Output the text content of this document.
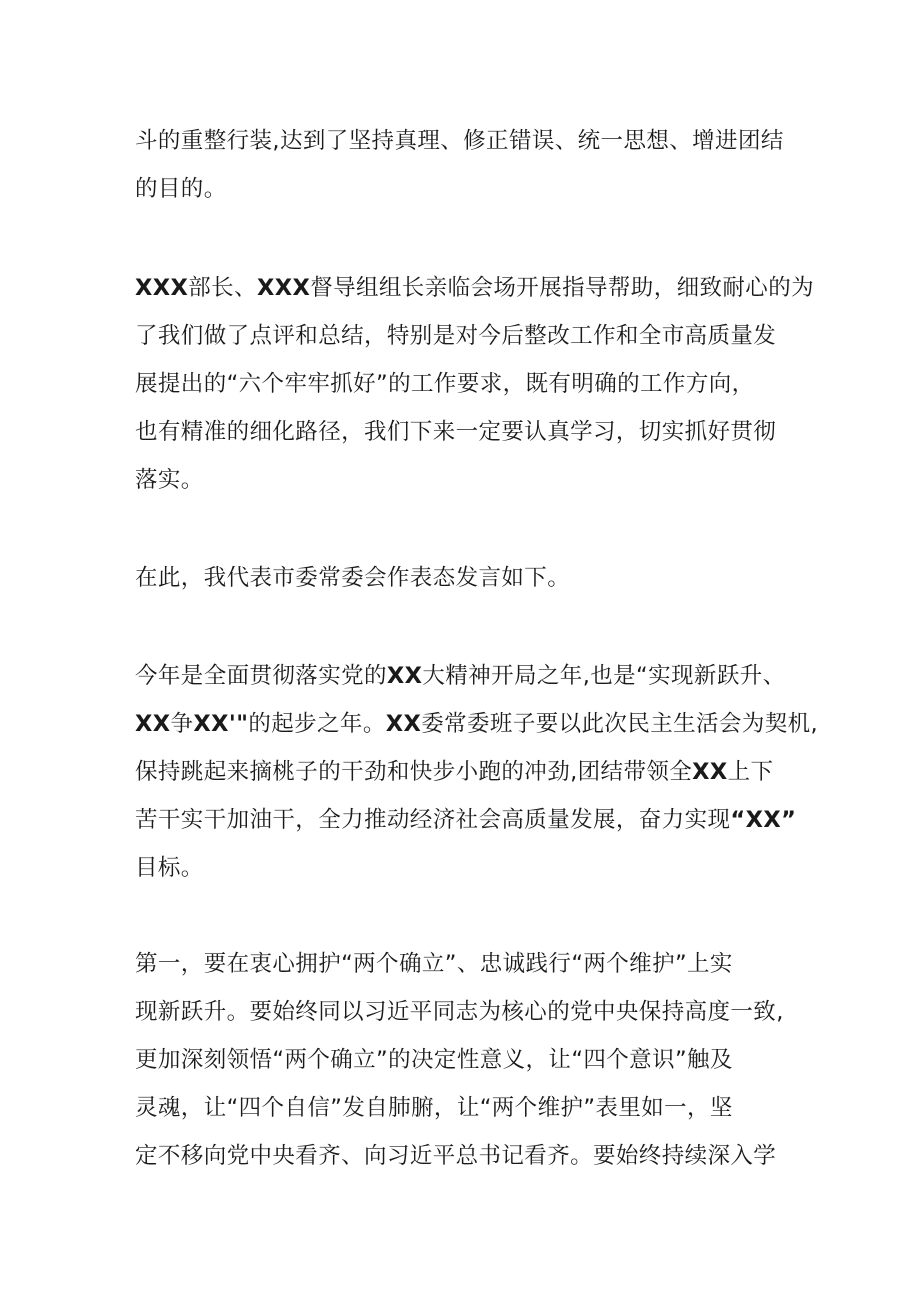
斗的重整行装,达到了坚持真理、修正错误、统一思想、增进团结
的目的。
XXX部长、XXX督导组组长亲临会场开展指导帮助，细致耐心的为
了我们做了点评和总结，特别是对今后整改工作和全市高质量发
展提出的“六个牢牢抓好”的工作要求，既有明确的工作方向，
也有精准的细化路径，我们下来一定要认真学习，切实抓好贯彻
落实。
在此，我代表市委常委会作表态发言如下。
今年是全面贯彻落实党的XX大精神开局之年,也是“实现新跃升、
XX争XX'"的起步之年。XX委常委班子要以此次民主生活会为契机,
保持跳起来摘桃子的干劲和快步小跑的冲劲,团结带领全XX上下
苦干实干加油干，全力推动经济社会高质量发展，奋力实现“XX”
目标。
第一，要在衷心拥护“两个确立”、忠诚践行“两个维护”上实
现新跃升。要始终同以习近平同志为核心的党中央保持高度一致,
更加深刻领悟“两个确立”的决定性意义，让“四个意识”触及
灵魂，让“四个自信”发自肺腑，让“两个维护”表里如一，坚
定不移向党中央看齐、向习近平总书记看齐。要始终持续深入学
